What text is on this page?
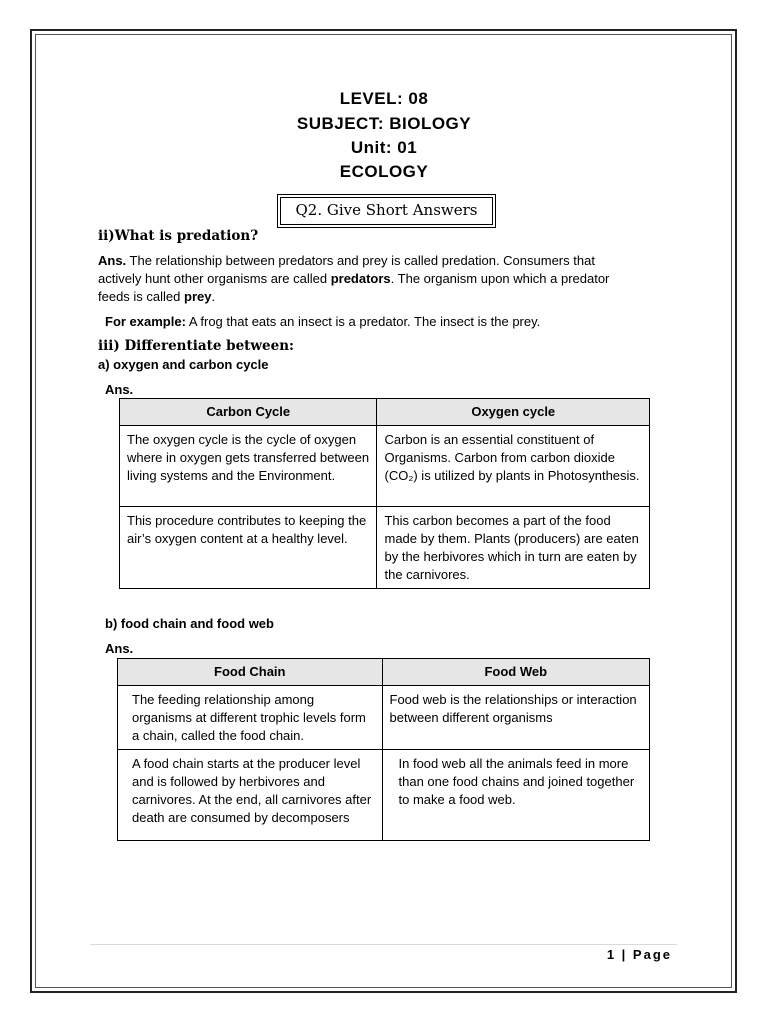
LEVEL: 08
SUBJECT: BIOLOGY
Unit: 01
ECOLOGY
Q2. Give Short Answers
ii)What is predation?
Ans. The relationship between predators and prey is called predation. Consumers that
actively hunt other organisms are called predators. The organism upon which a predator
feeds is called prey.
For example: A frog that eats an insect is a predator. The insect is the prey.
iii) Differentiate between:
a) oxygen and carbon cycle
Ans.
Carbon Cycle	Oxygen cycle
The oxygen cycle is the cycle of oxygen where in oxygen gets transferred between living systems and the Environment.	Carbon is an essential constituent of Organisms. Carbon from carbon dioxide (CO₂) is utilized by plants in Photosynthesis.
This procedure contributes to keeping the air’s oxygen content at a healthy level.	This carbon becomes a part of the food made by them. Plants (producers) are eaten by the herbivores which in turn are eaten by the carnivores.
b) food chain and food web
Ans.
Food Chain	Food Web
The feeding relationship among organisms at different trophic levels form a chain, called the food chain.	Food web is the relationships or interaction between different organisms
A food chain starts at the producer level and is followed by herbivores and carnivores. At the end, all carnivores after death are consumed by decomposers	In food web all the animals feed in more than one food chains and joined together to make a food web.
1 | Page
